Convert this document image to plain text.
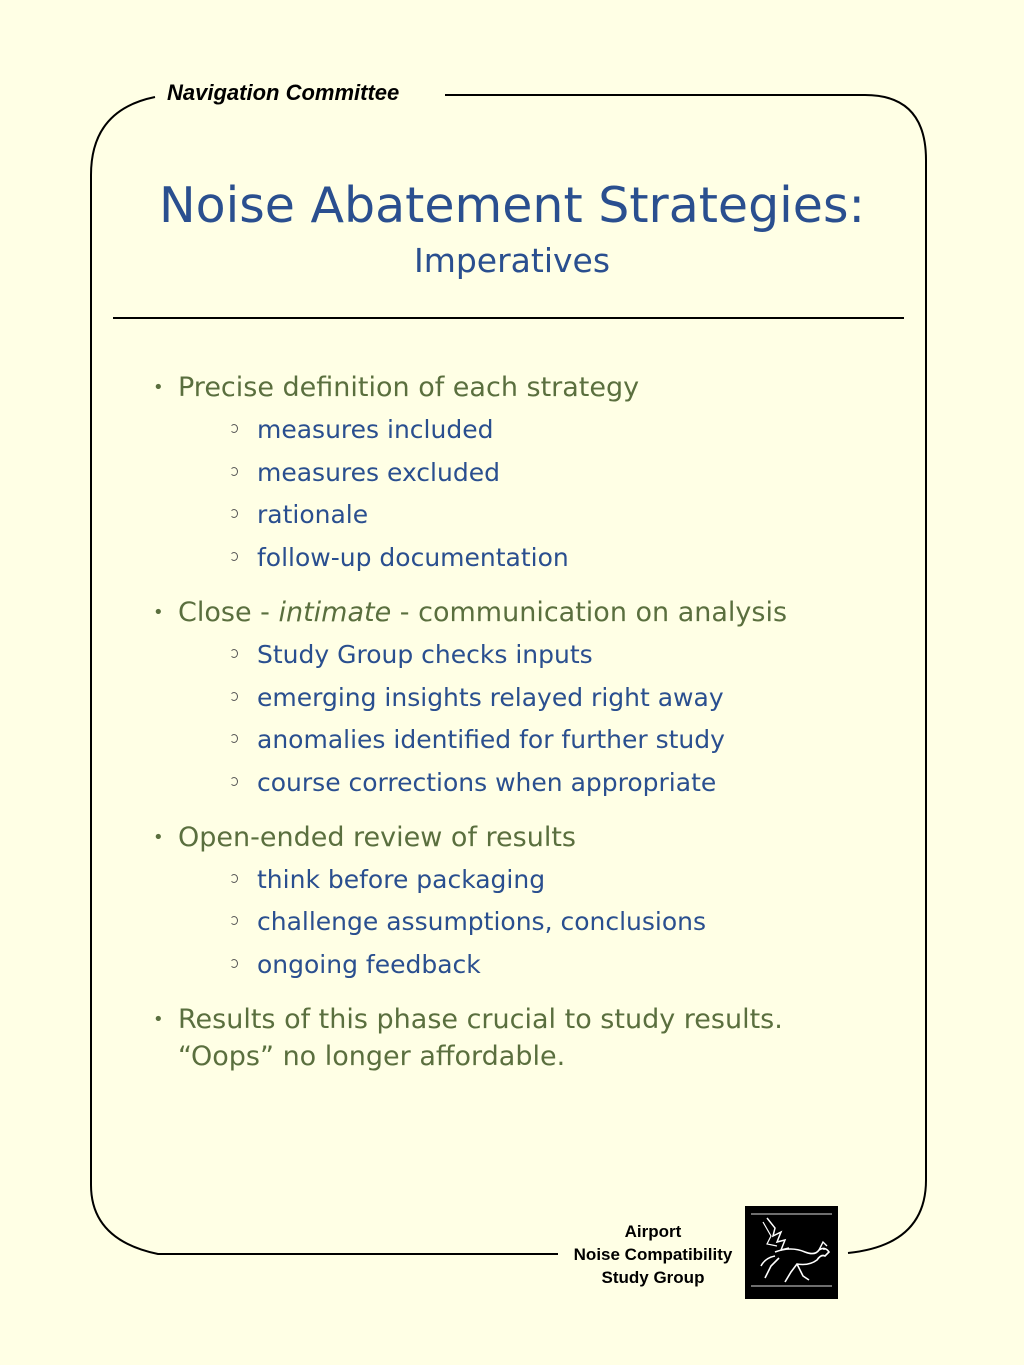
Navigation Committee
Noise Abatement Strategies:
Imperatives
• Precise definition of each strategy
measures included
measures excluded
rationale
follow-up documentation
• Close - intimate - communication on analysis
Study Group checks inputs
emerging insights relayed right away
anomalies identified for further study
course corrections when appropriate
• Open-ended review of results
think before packaging
challenge assumptions, conclusions
ongoing feedback
• Results of this phase crucial to study results. “Oops” no longer affordable.
Airport
Noise Compatibility
Study Group
